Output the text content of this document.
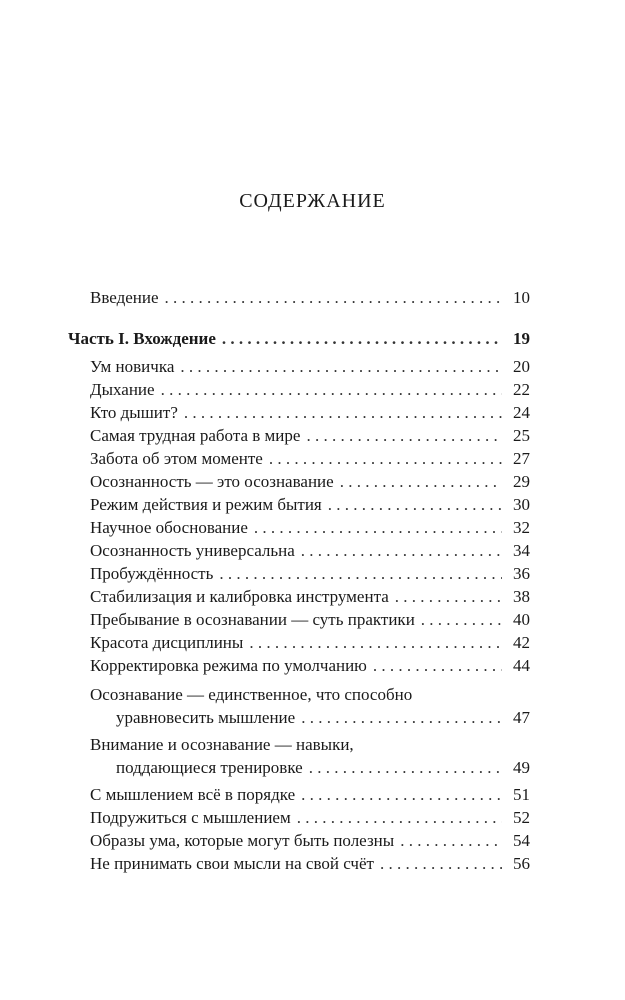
СОДЕРЖАНИЕ
Введение . . .	10
Часть I. Вхождение . . .	19
Ум новичка . . .	20
Дыхание . . .	22
Кто дышит? . . .	24
Самая трудная работа в мире . . .	25
Забота об этом моменте . . .	27
Осознанность — это осознавание . . .	29
Режим действия и режим бытия . . .	30
Научное обоснование . . .	32
Осознанность универсальна . . .	34
Пробуждённость . . .	36
Стабилизация и калибровка инструмента . . .	38
Пребывание в осознавании — суть практики . . .	40
Красота дисциплины . . .	42
Корректировка режима по умолчанию . . .	44
Осознавание — единственное, что способно
уравновесить мышление . . .	47
Внимание и осознавание — навыки,
поддающиеся тренировке . . .	49
С мышлением всё в порядке . . .	51
Подружиться с мышлением . . .	52
Образы ума, которые могут быть полезны . . .	54
Не принимать свои мысли на свой счёт . . .	56
